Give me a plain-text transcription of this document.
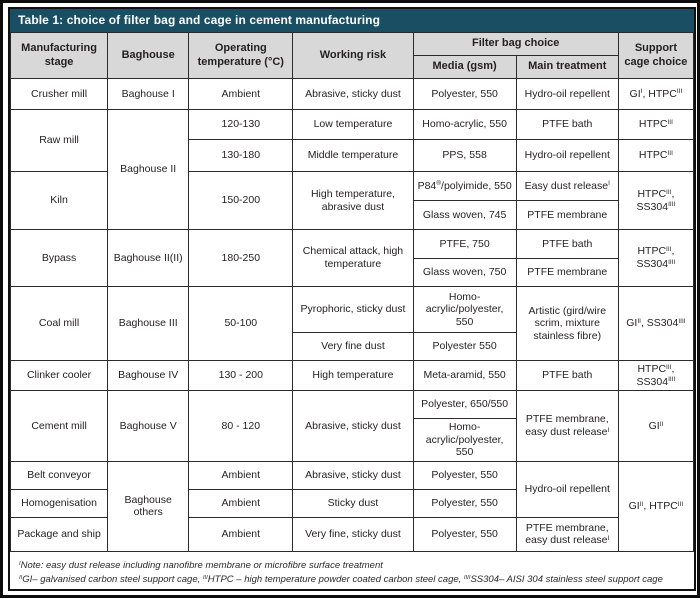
Table 1: choice of filter bag and cage in cement manufacturing
Manufacturing stage	Baghouse	Operating temperature (°C)	Working risk	Filter bag choice		Support cage choice
				Media (gsm)	Main treatment	
Crusher mill	Baghouse I	Ambient	Abrasive, sticky dust	Polyester, 550	Hydro-oil repellent	$GI^I$, $HTPC^{III}$
Raw mill	Baghouse II	120-130	Low temperature	Homo-acrylic, 550	PTFE bath	$HTPC^{III}$
		130-180	Middle temperature	PPS, 558	Hydro-oil repellent	$HTPC^{III}$
Kiln		150-200	High temperature, abrasive dust	P84®/polyimide, 550	Easy dust release$^I$	$HTPC^{III}$, $SS304^{IIII}$
				Glass woven, 745	PTFE membrane	
Bypass	Baghouse II(II)	180-250	Chemical attack, high temperature	PTFE, 750	PTFE bath	$HTPC^{III}$, $SS304^{IIII}$
				Glass woven, 750	PTFE membrane	
Coal mill	Baghouse III	50-100	Pyrophoric, sticky dust	Homo-acrylic/polyester, 550	Artistic (gird/wire scrim, mixture stainless fibre)	$GI^{II}$, $SS304^{IIII}$
			Very fine dust	Polyester 550		
Clinker cooler	Baghouse IV	130 - 200	High temperature	Meta-aramid, 550	PTFE bath	$HTPC^{III}$, $SS304^{IIII}$
Cement mill	Baghouse V	80 - 120	Abrasive, sticky dust	Polyester, 650/550	PTFE membrane, easy dust release$^I$	$GI^{II}$
				Homo-acrylic/polyester, 550		
Belt conveyor	Baghouse others	Ambient	Abrasive, sticky dust	Polyester, 550	Hydro-oil repellent	$GI^{II}$, $HTPC^{III}$
Homogenisation		Ambient	Sticky dust	Polyester, 550		
Package and ship		Ambient	Very fine, sticky dust	Polyester, 550	PTFE membrane, easy dust release$^I$
$^I$Note: easy dust release including nanofibre membrane or microfibre surface treatment
$^{II}$GI– galvanised carbon steel support cage, $^{III}$HTPC – high temperature powder coated carbon steel cage, $^{IIII}$SS304– AISI 304 stainless steel support cage
